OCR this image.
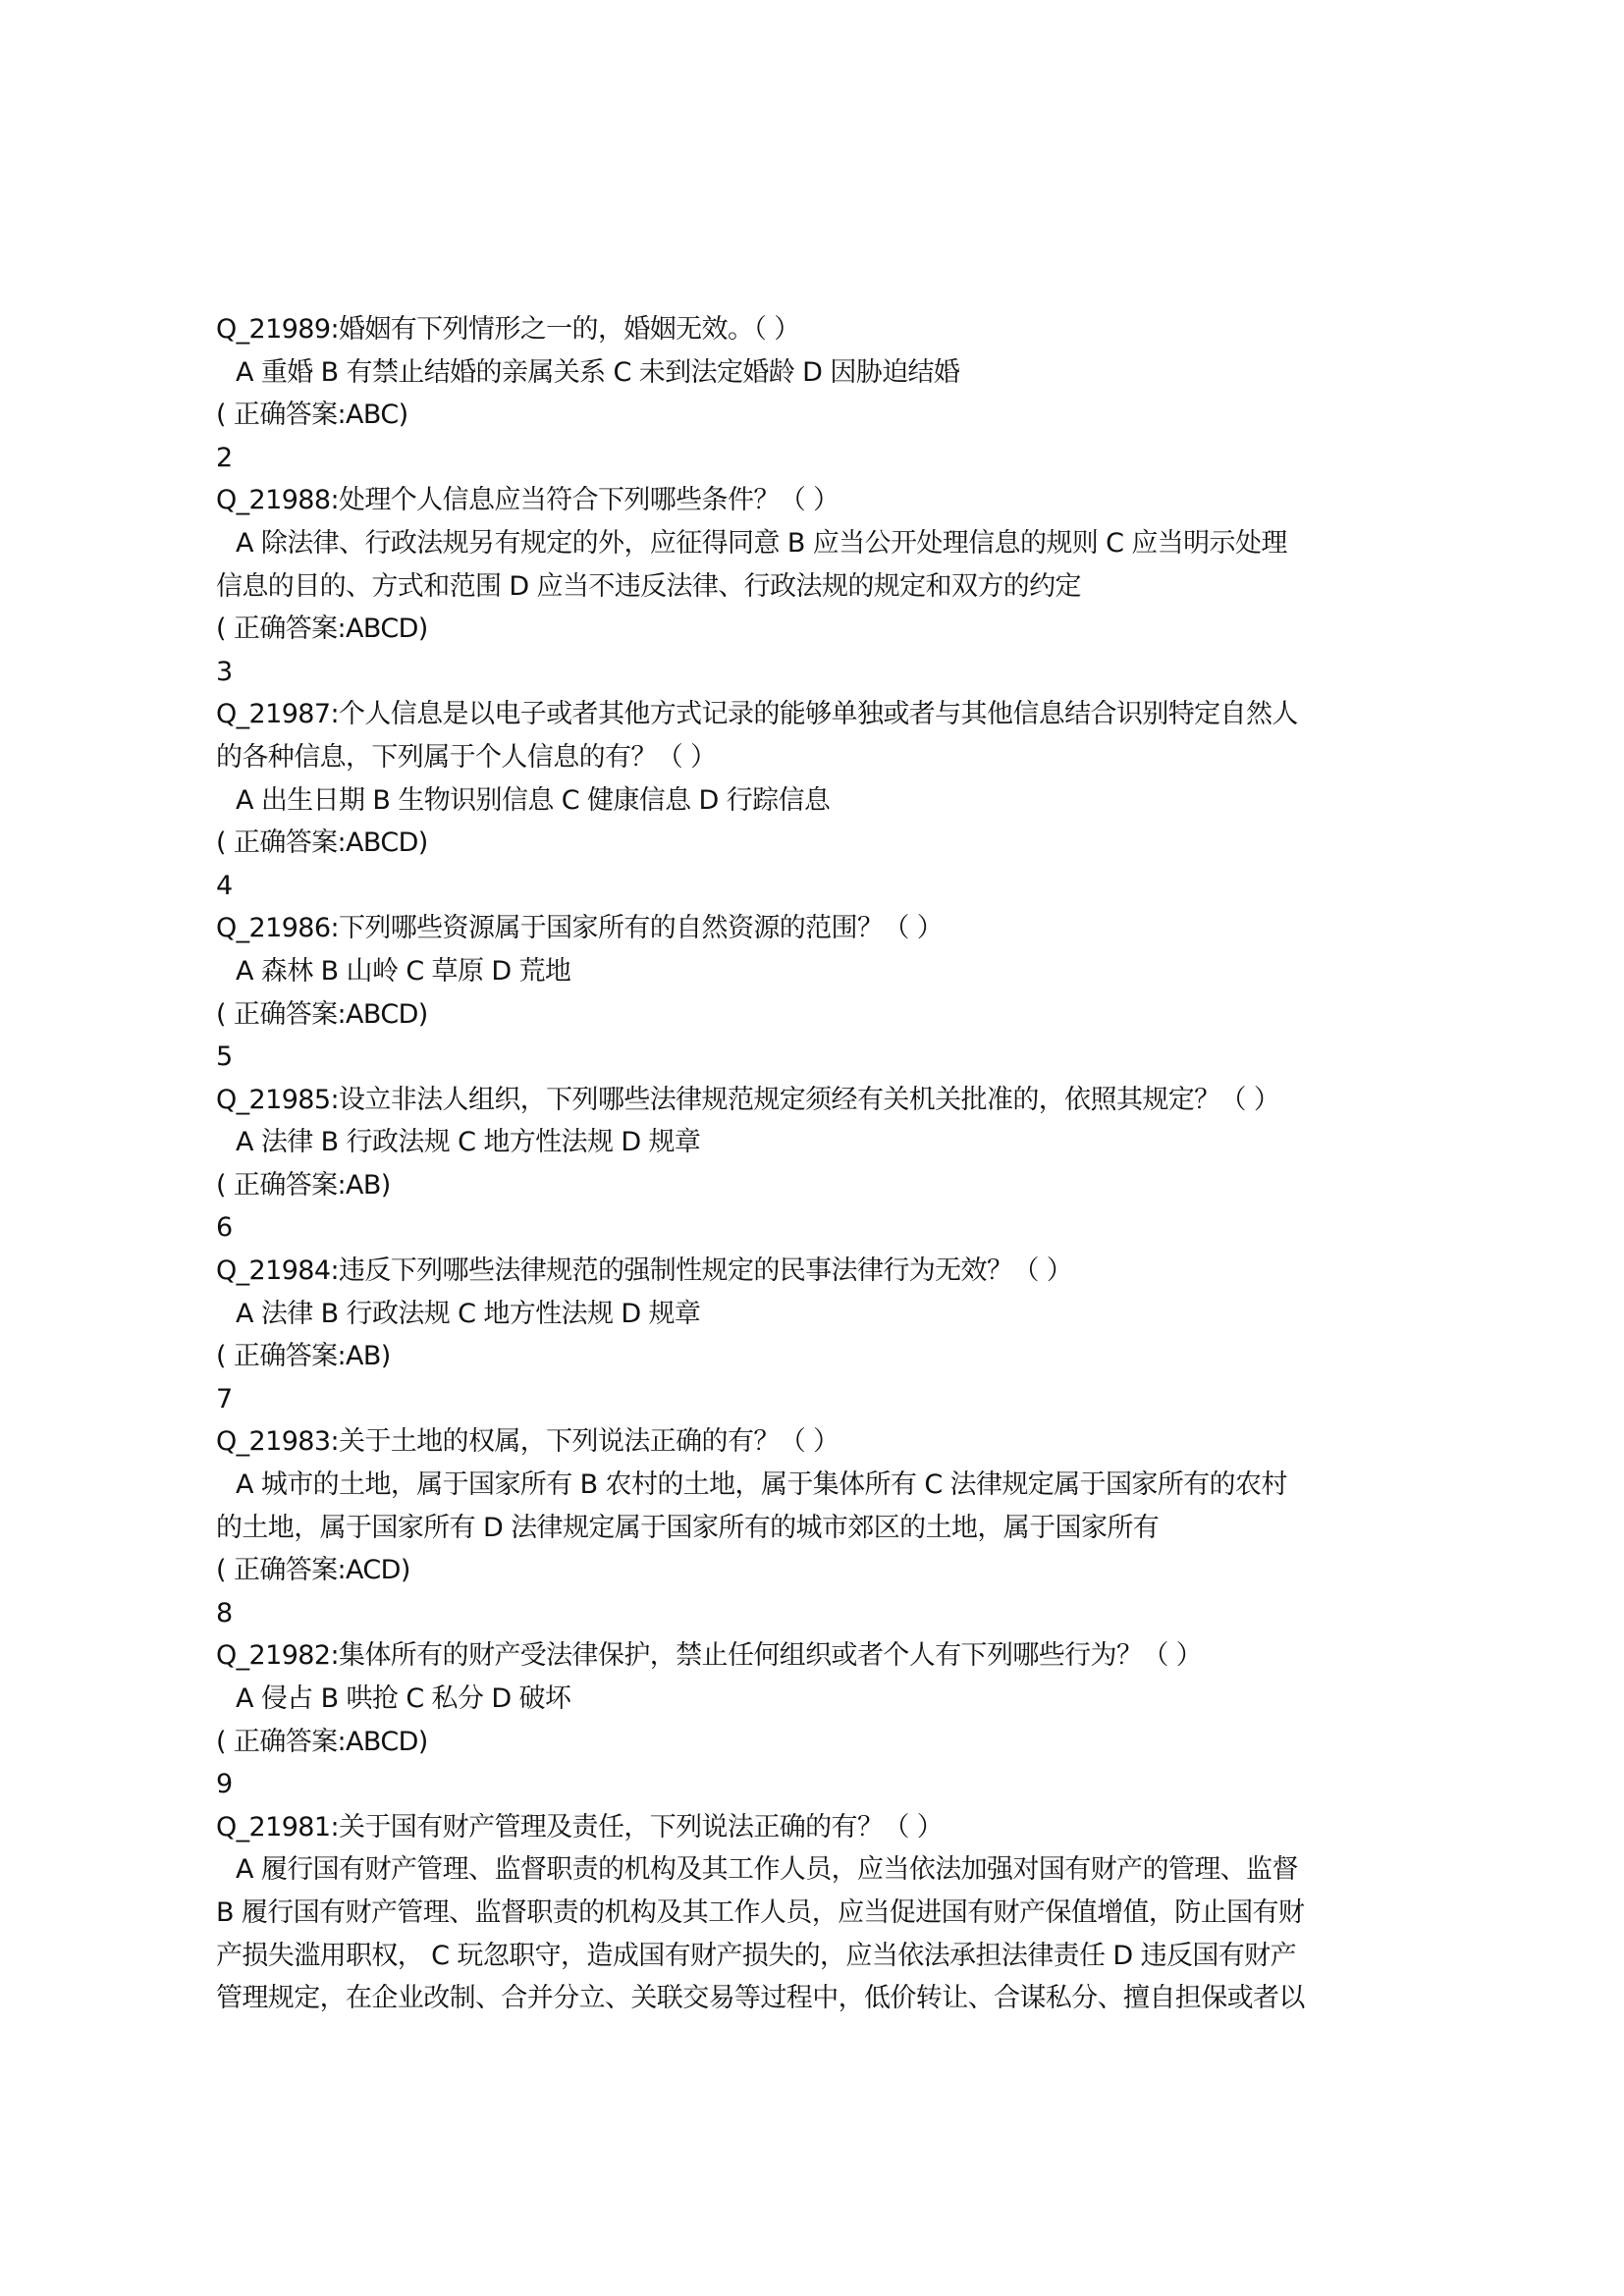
Q_21989:婚姻有下列情形之一的，婚姻无效。（ ）
A 重婚 B 有禁止结婚的亲属关系 C 未到法定婚龄 D 因胁迫结婚
( 正确答案:ABC)
2
Q_21988:处理个人信息应当符合下列哪些条件？（ ）
A 除法律、行政法规另有规定的外，应征得同意 B 应当公开处理信息的规则 C 应当明示处理
信息的目的、方式和范围 D 应当不违反法律、行政法规的规定和双方的约定
( 正确答案:ABCD)
3
Q_21987:个人信息是以电子或者其他方式记录的能够单独或者与其他信息结合识别特定自然人
的各种信息，下列属于个人信息的有？（ ）
A 出生日期 B 生物识别信息 C 健康信息 D 行踪信息
( 正确答案:ABCD)
4
Q_21986:下列哪些资源属于国家所有的自然资源的范围？（ ）
A 森林 B 山岭 C 草原 D 荒地
( 正确答案:ABCD)
5
Q_21985:设立非法人组织，下列哪些法律规范规定须经有关机关批准的，依照其规定？（ ）
A 法律 B 行政法规 C 地方性法规 D 规章
( 正确答案:AB)
6
Q_21984:违反下列哪些法律规范的强制性规定的民事法律行为无效？（ ）
A 法律 B 行政法规 C 地方性法规 D 规章
( 正确答案:AB)
7
Q_21983:关于土地的权属，下列说法正确的有？（ ）
A 城市的土地，属于国家所有 B 农村的土地，属于集体所有 C 法律规定属于国家所有的农村
的土地，属于国家所有 D 法律规定属于国家所有的城市郊区的土地，属于国家所有
( 正确答案:ACD)
8
Q_21982:集体所有的财产受法律保护，禁止任何组织或者个人有下列哪些行为？（ ）
A 侵占 B 哄抢 C 私分 D 破坏
( 正确答案:ABCD)
9
Q_21981:关于国有财产管理及责任，下列说法正确的有？（ ）
A 履行国有财产管理、监督职责的机构及其工作人员，应当依法加强对国有财产的管理、监督
B 履行国有财产管理、监督职责的机构及其工作人员，应当促进国有财产保值增值，防止国有财
产损失滥用职权， C 玩忽职守，造成国有财产损失的，应当依法承担法律责任 D 违反国有财产
管理规定，在企业改制、合并分立、关联交易等过程中，低价转让、合谋私分、擅自担保或者以
